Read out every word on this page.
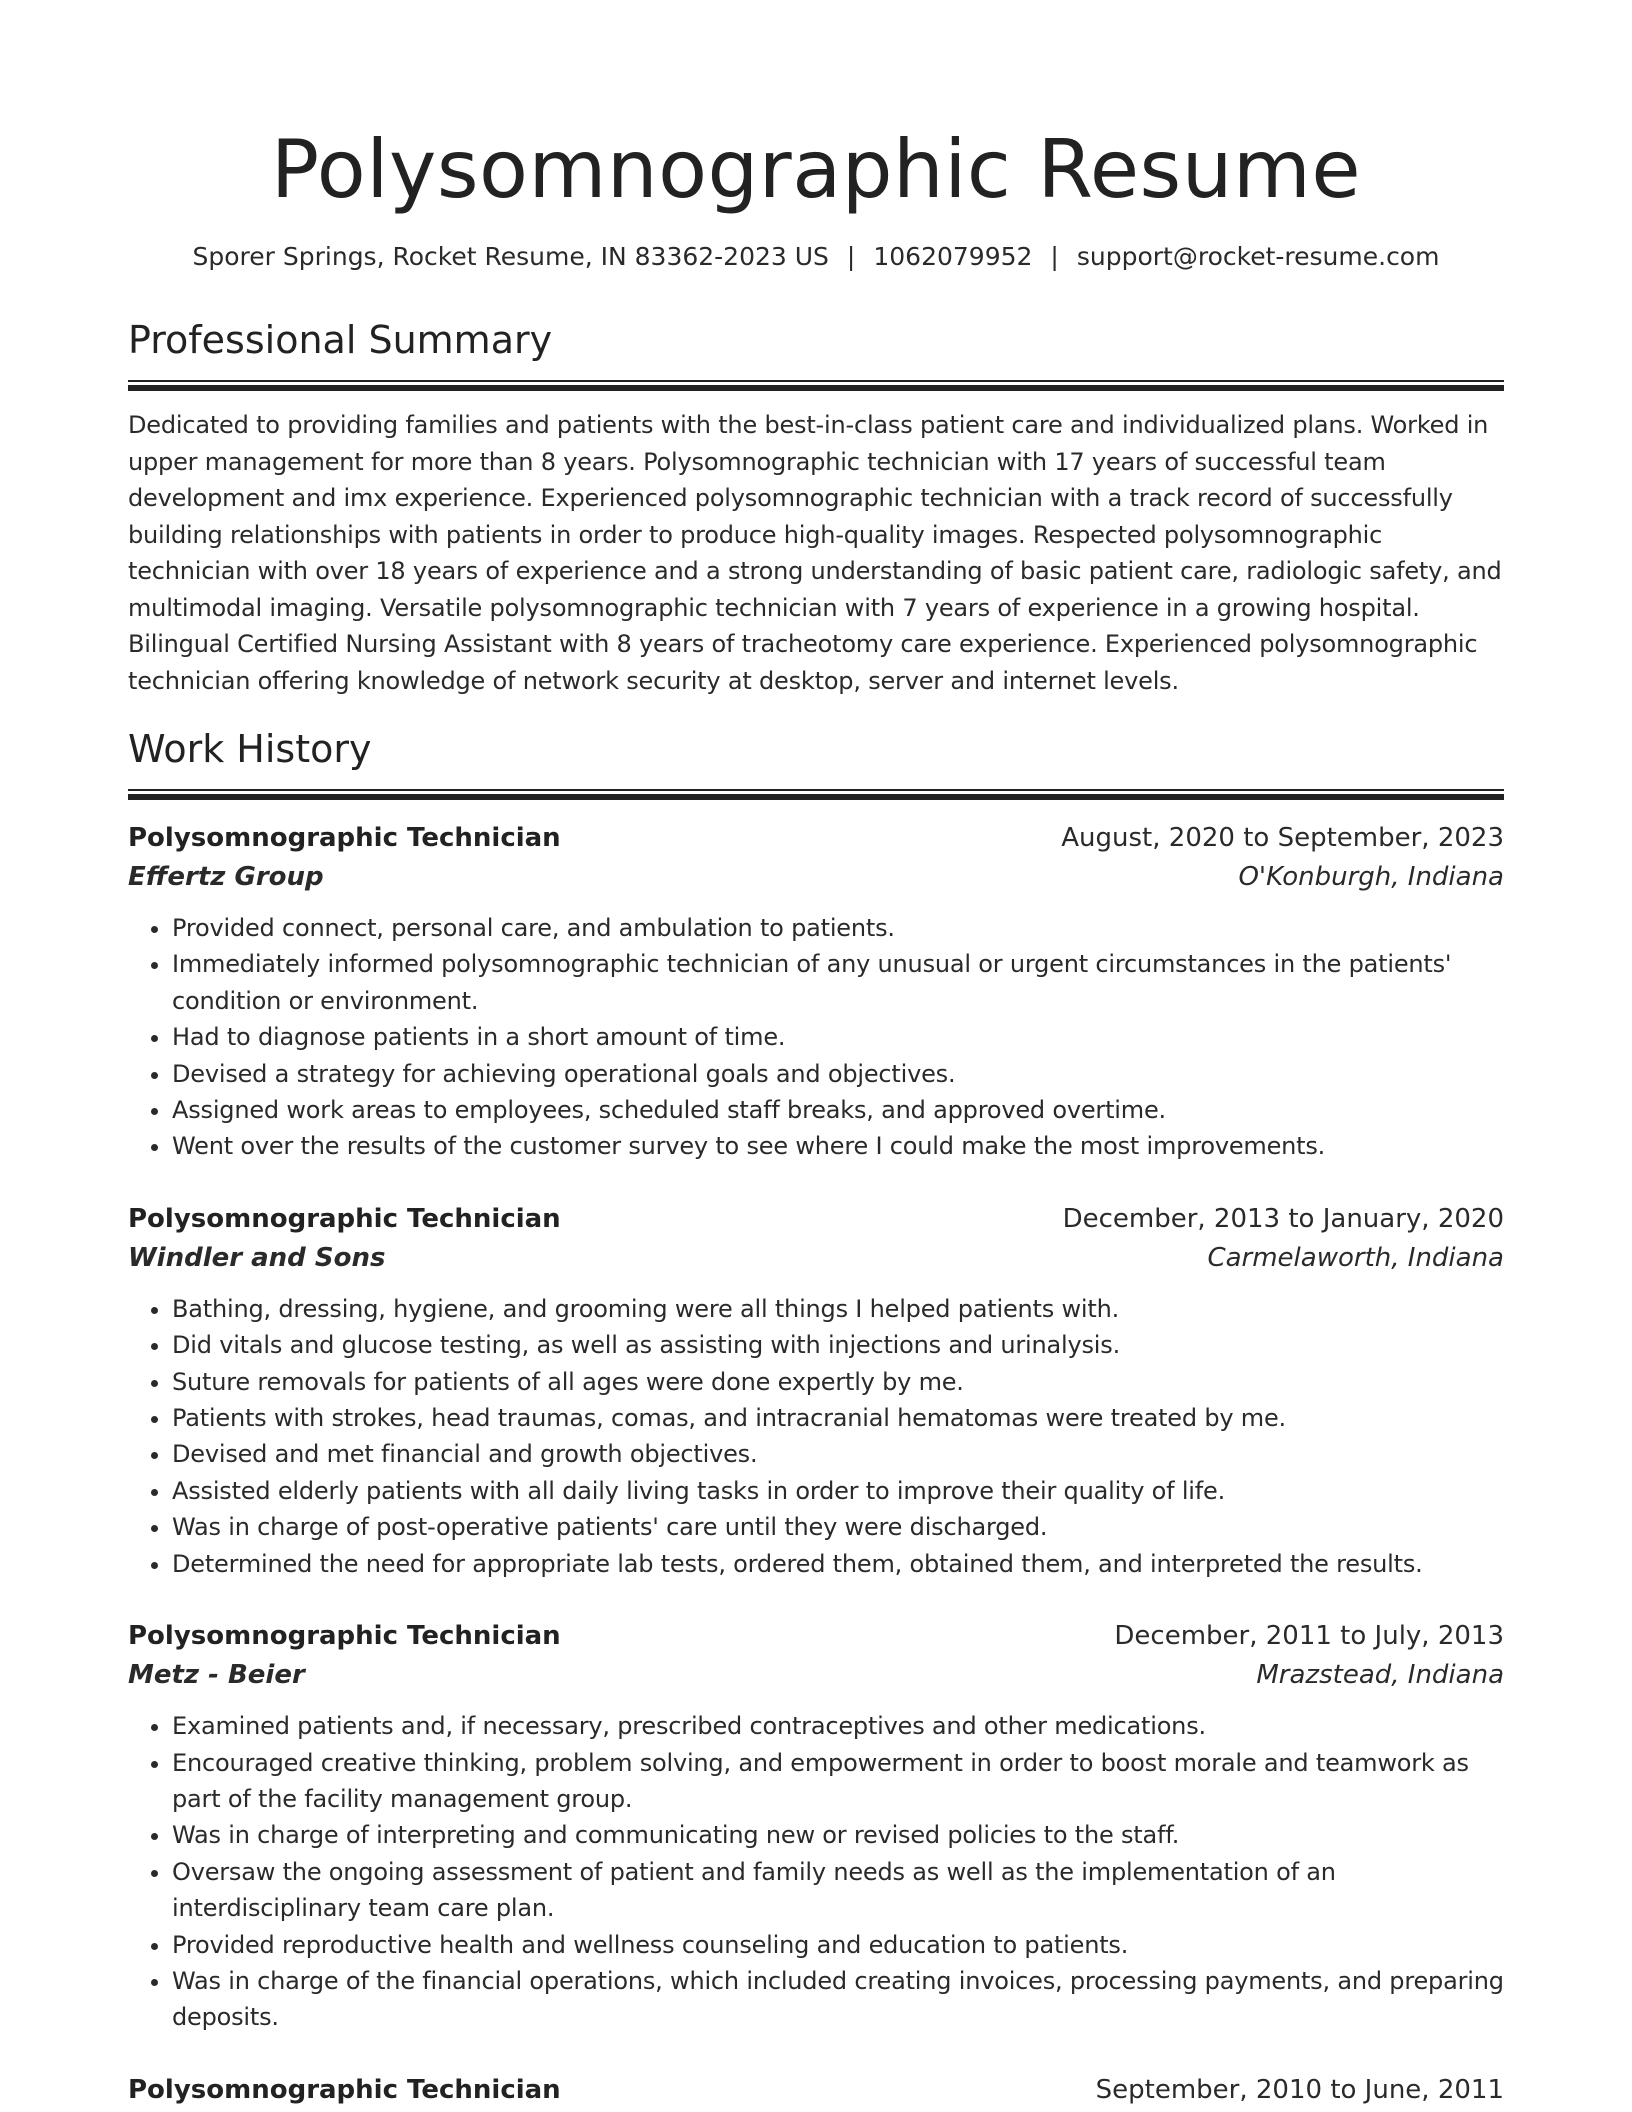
Polysomnographic Resume
Sporer Springs, Rocket Resume, IN 83362-2023 US | 1062079952 | support@rocket-resume.com
Professional Summary

Dedicated to providing families and patients with the best-in-class patient care and individualized plans. Worked in upper management for more than 8 years. Polysomnographic technician with 17 years of successful team development and imx experience. Experienced polysomnographic technician with a track record of successfully building relationships with patients in order to produce high-quality images. Respected polysomnographic technician with over 18 years of experience and a strong understanding of basic patient care, radiologic safety, and multimodal imaging. Versatile polysomnographic technician with 7 years of experience in a growing hospital. Bilingual Certified Nursing Assistant with 8 years of tracheotomy care experience. Experienced polysomnographic technician offering knowledge of network security at desktop, server and internet levels.

Work History
Polysomnographic Technician	August, 2020 to September, 2023
Effertz Group	O'Konburgh, Indiana
• Provided connect, personal care, and ambulation to patients.
• Immediately informed polysomnographic technician of any unusual or urgent circumstances in the patients' condition or environment.
• Had to diagnose patients in a short amount of time.
• Devised a strategy for achieving operational goals and objectives.
• Assigned work areas to employees, scheduled staff breaks, and approved overtime.
• Went over the results of the customer survey to see where I could make the most improvements.
Polysomnographic Technician	December, 2013 to January, 2020
Windler and Sons	Carmelaworth, Indiana
• Bathing, dressing, hygiene, and grooming were all things I helped patients with.
• Did vitals and glucose testing, as well as assisting with injections and urinalysis.
• Suture removals for patients of all ages were done expertly by me.
• Patients with strokes, head traumas, comas, and intracranial hematomas were treated by me.
• Devised and met financial and growth objectives.
• Assisted elderly patients with all daily living tasks in order to improve their quality of life.
• Was in charge of post-operative patients' care until they were discharged.
• Determined the need for appropriate lab tests, ordered them, obtained them, and interpreted the results.
Polysomnographic Technician	December, 2011 to July, 2013
Metz - Beier	Mrazstead, Indiana
• Examined patients and, if necessary, prescribed contraceptives and other medications.
• Encouraged creative thinking, problem solving, and empowerment in order to boost morale and teamwork as part of the facility management group.
• Was in charge of interpreting and communicating new or revised policies to the staff.
• Oversaw the ongoing assessment of patient and family needs as well as the implementation of an interdisciplinary team care plan.
• Provided reproductive health and wellness counseling and education to patients.
• Was in charge of the financial operations, which included creating invoices, processing payments, and preparing deposits.
Polysomnographic Technician	September, 2010 to June, 2011
